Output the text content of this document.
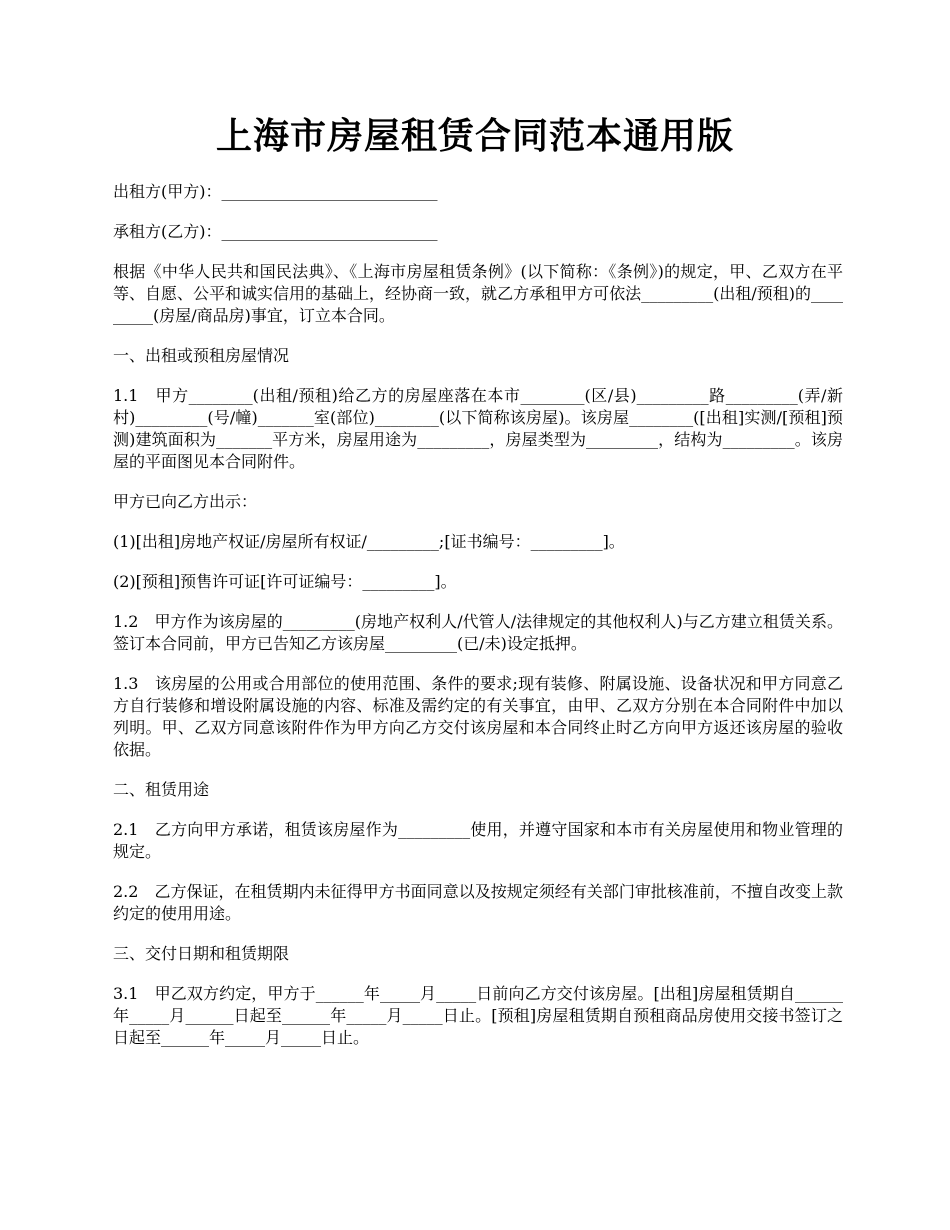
上海市房屋租赁合同范本通用版

出租方(甲方)：___________________________

承租方(乙方)：___________________________

根据《中华人民共和国民法典》、《上海市房屋租赁条例》(以下简称：《条例》)的规定，甲、乙双方在平等、自愿、公平和诚实信用的基础上，经协商一致，就乙方承租甲方可依法_________(出租/预租)的_________(房屋/商品房)事宜，订立本合同。

一、出租或预租房屋情况

1.1　甲方________(出租/预租)给乙方的房屋座落在本市________(区/县)_________路_________(弄/新村)_________(号/幢)_______室(部位)________(以下简称该房屋)。该房屋________([出租]实测/[预租]预测)建筑面积为_______平方米，房屋用途为_________，房屋类型为_________，结构为_________。该房屋的平面图见本合同附件。

甲方已向乙方出示：

(1)[出租]房地产权证/房屋所有权证/_________;[证书编号：_________]。

(2)[预租]预售许可证[许可证编号：_________]。

1.2　甲方作为该房屋的_________(房地产权利人/代管人/法律规定的其他权利人)与乙方建立租赁关系。签订本合同前，甲方已告知乙方该房屋_________(已/未)设定抵押。

1.3　该房屋的公用或合用部位的使用范围、条件的要求;现有装修、附属设施、设备状况和甲方同意乙方自行装修和增设附属设施的内容、标准及需约定的有关事宜，由甲、乙双方分别在本合同附件中加以列明。甲、乙双方同意该附件作为甲方向乙方交付该房屋和本合同终止时乙方向甲方返还该房屋的验收依据。

二、租赁用途

2.1　乙方向甲方承诺，租赁该房屋作为_________使用，并遵守国家和本市有关房屋使用和物业管理的规定。

2.2　乙方保证，在租赁期内未征得甲方书面同意以及按规定须经有关部门审批核准前，不擅自改变上款约定的使用用途。

三、交付日期和租赁期限

3.1　甲乙双方约定，甲方于______年_____月_____日前向乙方交付该房屋。[出租]房屋租赁期自______年_____月______日起至______年_____月_____日止。[预租]房屋租赁期自预租商品房使用交接书签订之日起至______年_____月_____日止。
